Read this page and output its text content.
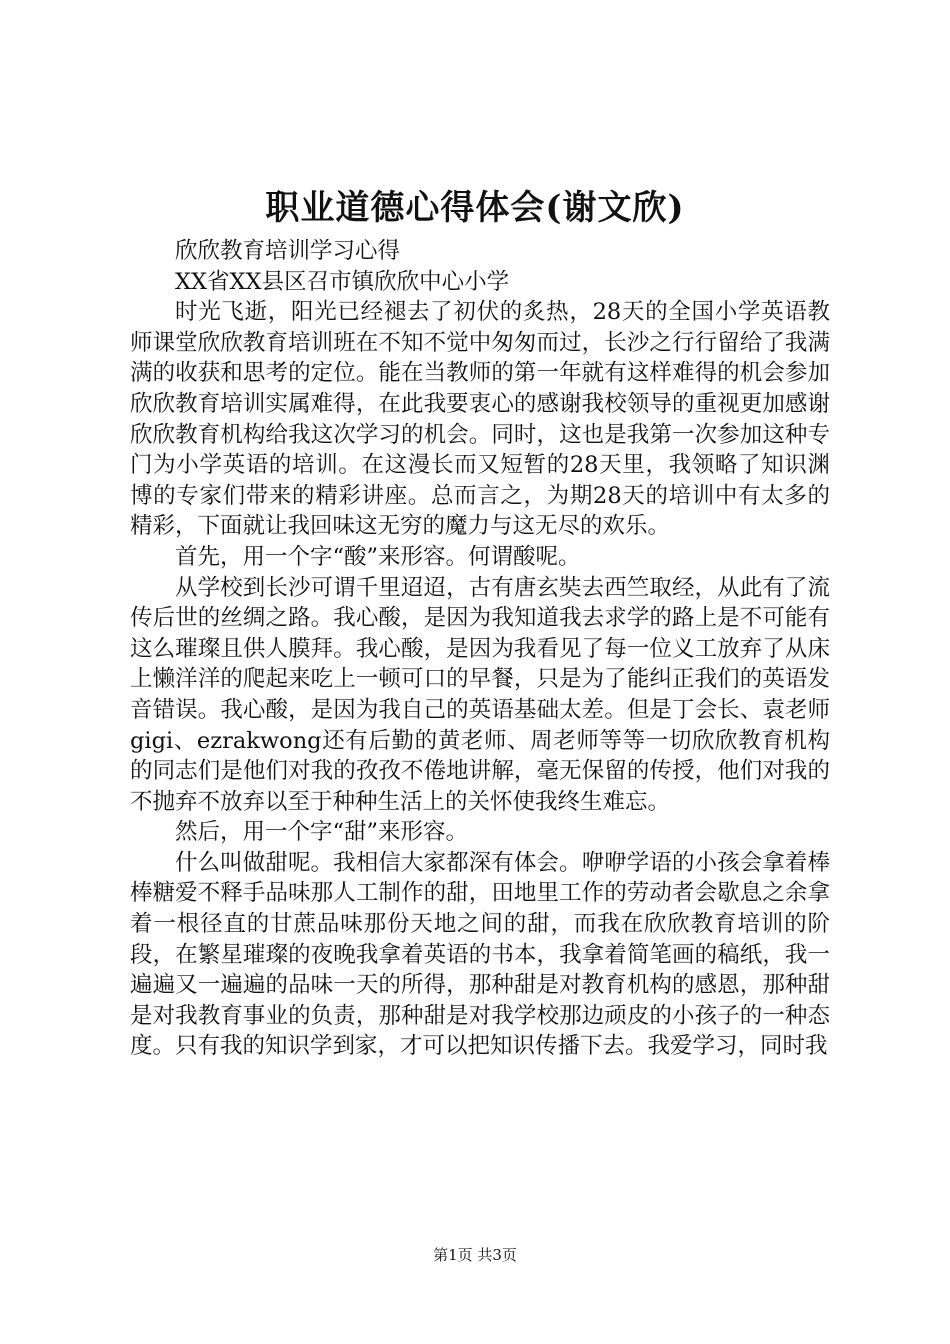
职业道德心得体会(谢文欣)

欣欣教育培训学习心得

XX省XX县区召市镇欣欣中心小学

时光飞逝，阳光已经褪去了初伏的炙热，28天的全国小学英语教师课堂欣欣教育培训班在不知不觉中匆匆而过，长沙之行行留给了我满满的收获和思考的定位。能在当教师的第一年就有这样难得的机会参加欣欣教育培训实属难得，在此我要衷心的感谢我校领导的重视更加感谢欣欣教育机构给我这次学习的机会。同时，这也是我第一次参加这种专门为小学英语的培训。在这漫长而又短暂的28天里，我领略了知识渊博的专家们带来的精彩讲座。总而言之，为期28天的培训中有太多的精彩，下面就让我回味这无穷的魔力与这无尽的欢乐。

首先，用一个字“酸”来形容。何谓酸呢。

从学校到长沙可谓千里迢迢，古有唐玄奘去西竺取经，从此有了流传后世的丝绸之路。我心酸，是因为我知道我去求学的路上是不可能有这么璀璨且供人膜拜。我心酸，是因为我看见了每一位义工放弃了从床上懒洋洋的爬起来吃上一顿可口的早餐，只是为了能纠正我们的英语发音错误。我心酸，是因为我自己的英语基础太差。但是丁会长、袁老师gigi、ezrakwong还有后勤的黄老师、周老师等等一切欣欣教育机构的同志们是他们对我的孜孜不倦地讲解，毫无保留的传授，他们对我的不抛弃不放弃以至于种种生活上的关怀使我终生难忘。

然后，用一个字“甜”来形容。

什么叫做甜呢。我相信大家都深有体会。咿咿学语的小孩会拿着棒棒糖爱不释手品味那人工制作的甜，田地里工作的劳动者会歇息之余拿着一根径直的甘蔗品味那份天地之间的甜，而我在欣欣教育培训的阶段，在繁星璀璨的夜晚我拿着英语的书本，我拿着简笔画的稿纸，我一遍遍又一遍遍的品味一天的所得，那种甜是对教育机构的感恩，那种甜是对我教育事业的负责，那种甜是对我学校那边顽皮的小孩子的一种态度。只有我的知识学到家，才可以把知识传播下去。我爱学习，同时我

第1页 共3页
